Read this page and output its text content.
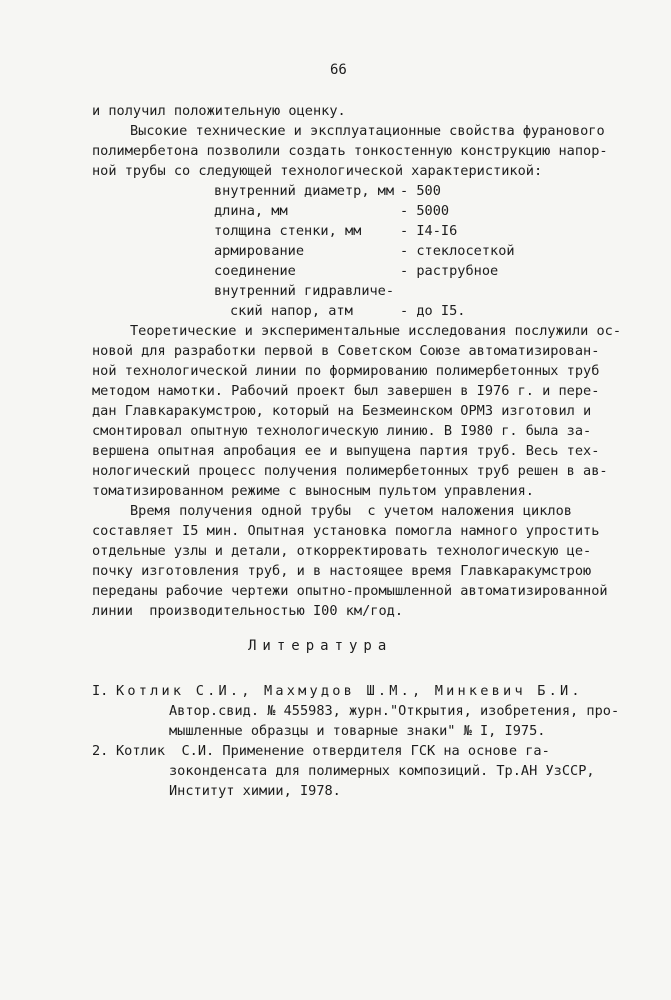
66
и получил положительную оценку.
Высокие технические и эксплуатационные свойства фуранового
полимербетона позволили создать тонкостенную конструкцию напор-
ной трубы со следующей технологической характеристикой:
внутренний диаметр, мм - 500
длина, мм	- 5000
толщина стенки, мм	- I4-I6
армирование	- стеклосеткой
соединение	- раструбное
внутренний гидравличе-
ский напор, атм	- до I5.
Теоретические и экспериментальные исследования послужили ос-
новой для разработки первой в Советском Союзе автоматизирован-
ной технологической линии по формированию полимербетонных труб
методом намотки. Рабочий проект был завершен в I976 г. и пере-
дан Главкаракумстрою, который на Безмеинском ОРМЗ изготовил и
смонтировал опытную технологическую линию. В I980 г. была за-
вершена опытная апробация ее и выпущена партия труб. Весь тех-
нологический процесс получения полимербетонных труб решен в ав-
томатизированном режиме с выносным пультом управления.
Время получения одной трубы  с учетом наложения циклов
составляет I5 мин. Опытная установка помогла намного упростить
отдельные узлы и детали, откорректировать технологическую це-
почку изготовления труб, и в настоящее время Главкаракумстрою
переданы рабочие чертежи опытно-промышленной автоматизированной
линии  производительностью I00 км/год.
Литература
I. Котлик С.И., Махмудов Ш.М., Минкевич Б.И.
Автор.свид. № 455983, журн."Открытия, изобретения, про-
мышленные образцы и товарные знаки" № I, I975.
2. Котлик  С.И. Применение отвердителя ГСК на основе га-
зоконденсата для полимерных композиций. Тр.АН УзССР,
Институт химии, I978.
